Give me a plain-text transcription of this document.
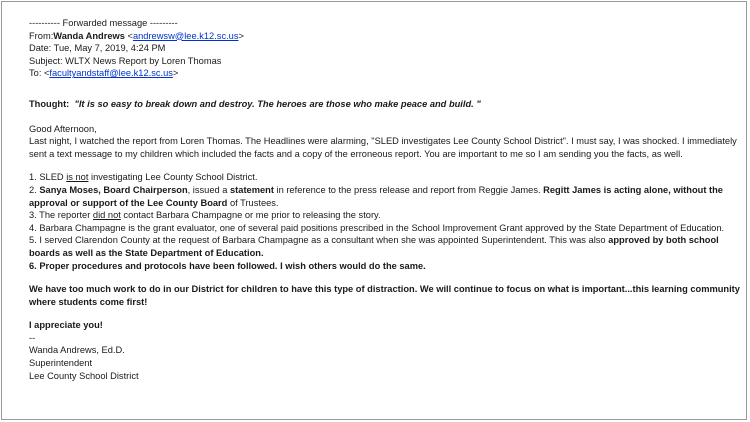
---------- Forwarded message ---------
From:Wanda Andrews <andrewsw@lee.k12.sc.us>
Date: Tue, May 7, 2019, 4:24 PM
Subject: WLTX News Report by Loren Thomas
To: <facultyandstaff@lee.k12.sc.us>
Thought: "It is so easy to break down and destroy. The heroes are those who make peace and build. "
Good Afternoon,
Last night, I watched the report from Loren Thomas. The Headlines were alarming, "SLED investigates Lee County School District". I must say, I was shocked. I immediately sent a text message to my children which included the facts and a copy of the erroneous report. You are important to me so I am sending you the facts, as well.
1. SLED is not investigating Lee County School District.
2. Sanya Moses, Board Chairperson, issued a statement in reference to the press release and report from Reggie James. Regitt James is acting alone, without the approval or support of the Lee County Board of Trustees.
3. The reporter did not contact Barbara Champagne or me prior to releasing the story.
4. Barbara Champagne is the grant evaluator, one of several paid positions prescribed in the School Improvement Grant approved by the State Department of Education.
5. I served Clarendon County at the request of Barbara Champagne as a consultant when she was appointed Superintendent. This was also approved by both school boards as well as the State Department of Education.
6. Proper procedures and protocols have been followed. I wish others would do the same.
We have too much work to do in our District for children to have this type of distraction. We will continue to focus on what is important...this learning community where students come first!
I appreciate you!
--
Wanda Andrews, Ed.D.
Superintendent
Lee County School District
